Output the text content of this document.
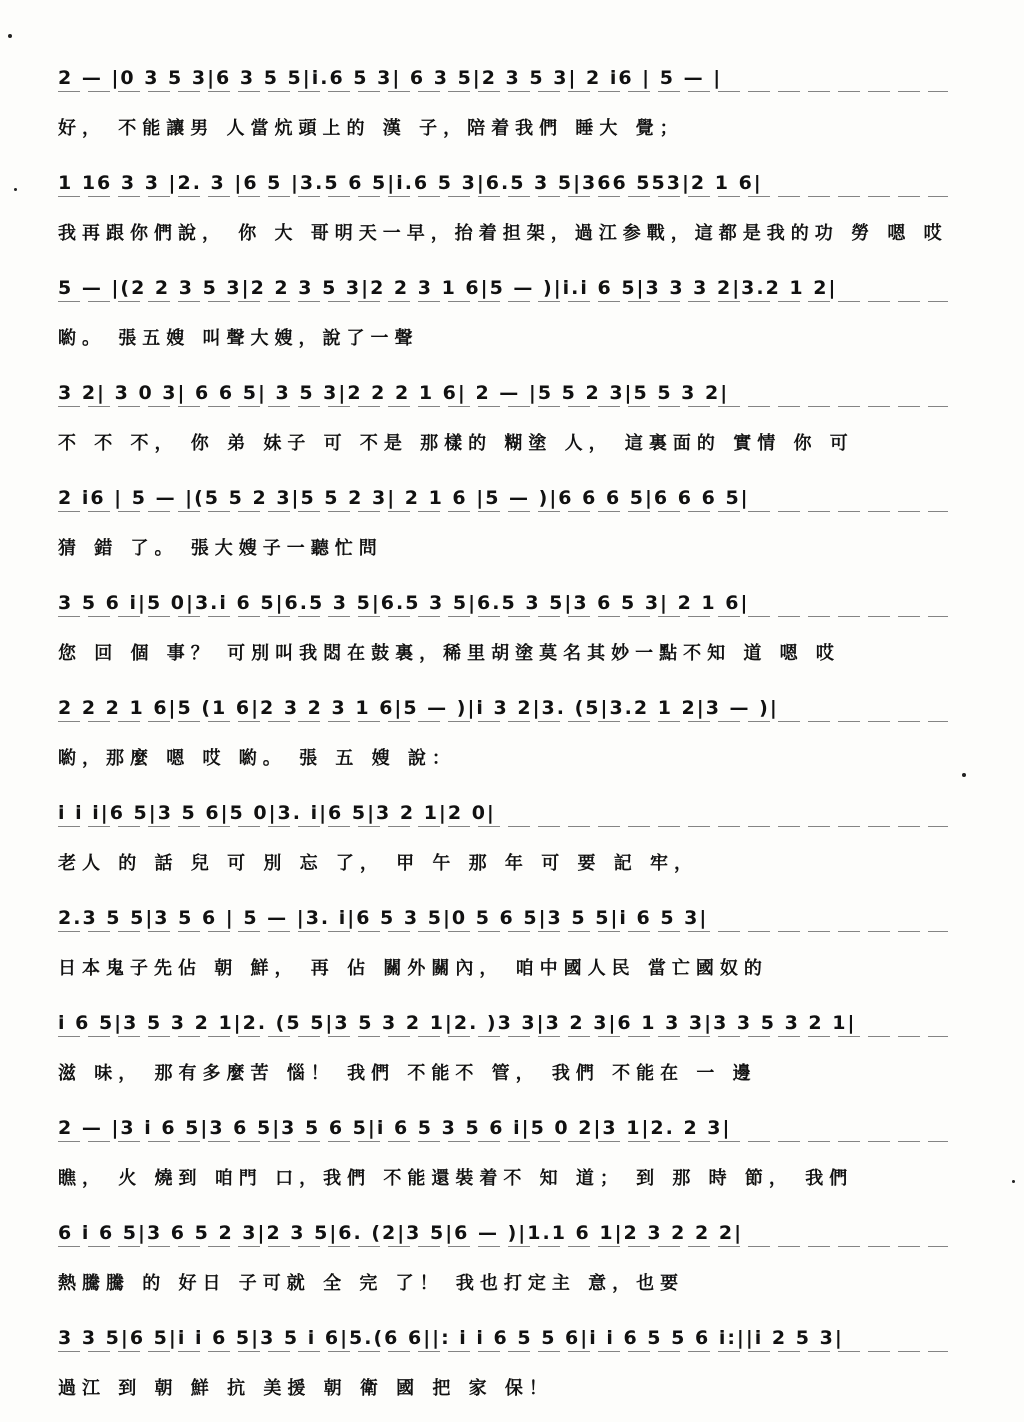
2 — |0 3 5 3|6 3 5 5|i.6 5 3| 6 3 5|2 3 5 3| 2 i6 | 5 — |
好， 不能讓男 人當炕頭上的 漢 子，陪着我們 睡大 覺；
1 16 3 3 |2. 3 |6 5 |3.5 6 5|i.6 5 3|6.5 3 5|366 553|2 1 6|
我再跟你們說， 你 大 哥明天一早，抬着担架，過江参戰，這都是我的功 勞 嗯 哎
5 — |(2 2 3 5 3|2 2 3 5 3|2 2 3 1 6|5 — )|i.i 6 5|3 3 3 2|3.2 1 2|
喲。 張五嫂 叫聲大嫂，說了一聲
3 2| 3 0 3| 6 6 5| 3 5 3|2 2 2 1 6| 2 — |5 5 2 3|5 5 3 2|
不 不 不， 你 弟 妹子 可 不是 那樣的 糊塗 人， 這裏面的 實情 你 可
2 i6 | 5 — |(5 5 2 3|5 5 2 3| 2 1 6 |5 — )|6 6 6 5|6 6 6 5|
猜 錯 了。 張大嫂子一聽忙問
3 5 6 i|5 0|3.i 6 5|6.5 3 5|6.5 3 5|6.5 3 5|3 6 5 3| 2 1 6|
您 回 個 事？ 可別叫我悶在鼓裏，稀里胡塗莫名其妙一點不知 道 嗯 哎
2 2 2 1 6|5 (1 6|2 3 2 3 1 6|5 — )|i 3 2|3. (5|3.2 1 2|3 — )|
喲，那麼 嗯 哎 喲。 張 五 嫂 說：
i i i|6 5|3 5 6|5 0|3. i|6 5|3 2 1|2 0|
老人 的 話 兒 可 別 忘 了， 甲 午 那 年 可 要 記 牢，
2.3 5 5|3 5 6 | 5 — |3. i|6 5 3 5|0 5 6 5|3 5 5|i 6 5 3|
日本鬼子先佔 朝 鮮， 再 佔 關外關內， 咱中國人民 當亡國奴的
i 6 5|3 5 3 2 1|2. (5 5|3 5 3 2 1|2. )3 3|3 2 3|6 1 3 3|3 3 5 3 2 1|
滋 味， 那有多麼苦 惱！ 我們 不能不 管， 我們 不能在 一 邊
2 — |3 i 6 5|3 6 5|3 5 6 5|i 6 5 3 5 6 i|5 0 2|3 1|2. 2 3|
瞧， 火 燒到 咱門 口，我們 不能還裝着不 知 道； 到 那 時 節， 我們
6 i 6 5|3 6 5 2 3|2 3 5|6. (2|3 5|6 — )|1.1 6 1|2 3 2 2 2|
熱騰騰 的 好日 子可就 全 完 了！ 我也打定主 意，也要
3 3 5|6 5|i i 6 5|3 5 i 6|5.(6 6||: i i 6 5 5 6|i i 6 5 5 6 i:||i 2 5 3|
過江 到 朝 鮮 抗 美援 朝 衛 國 把 家 保！
